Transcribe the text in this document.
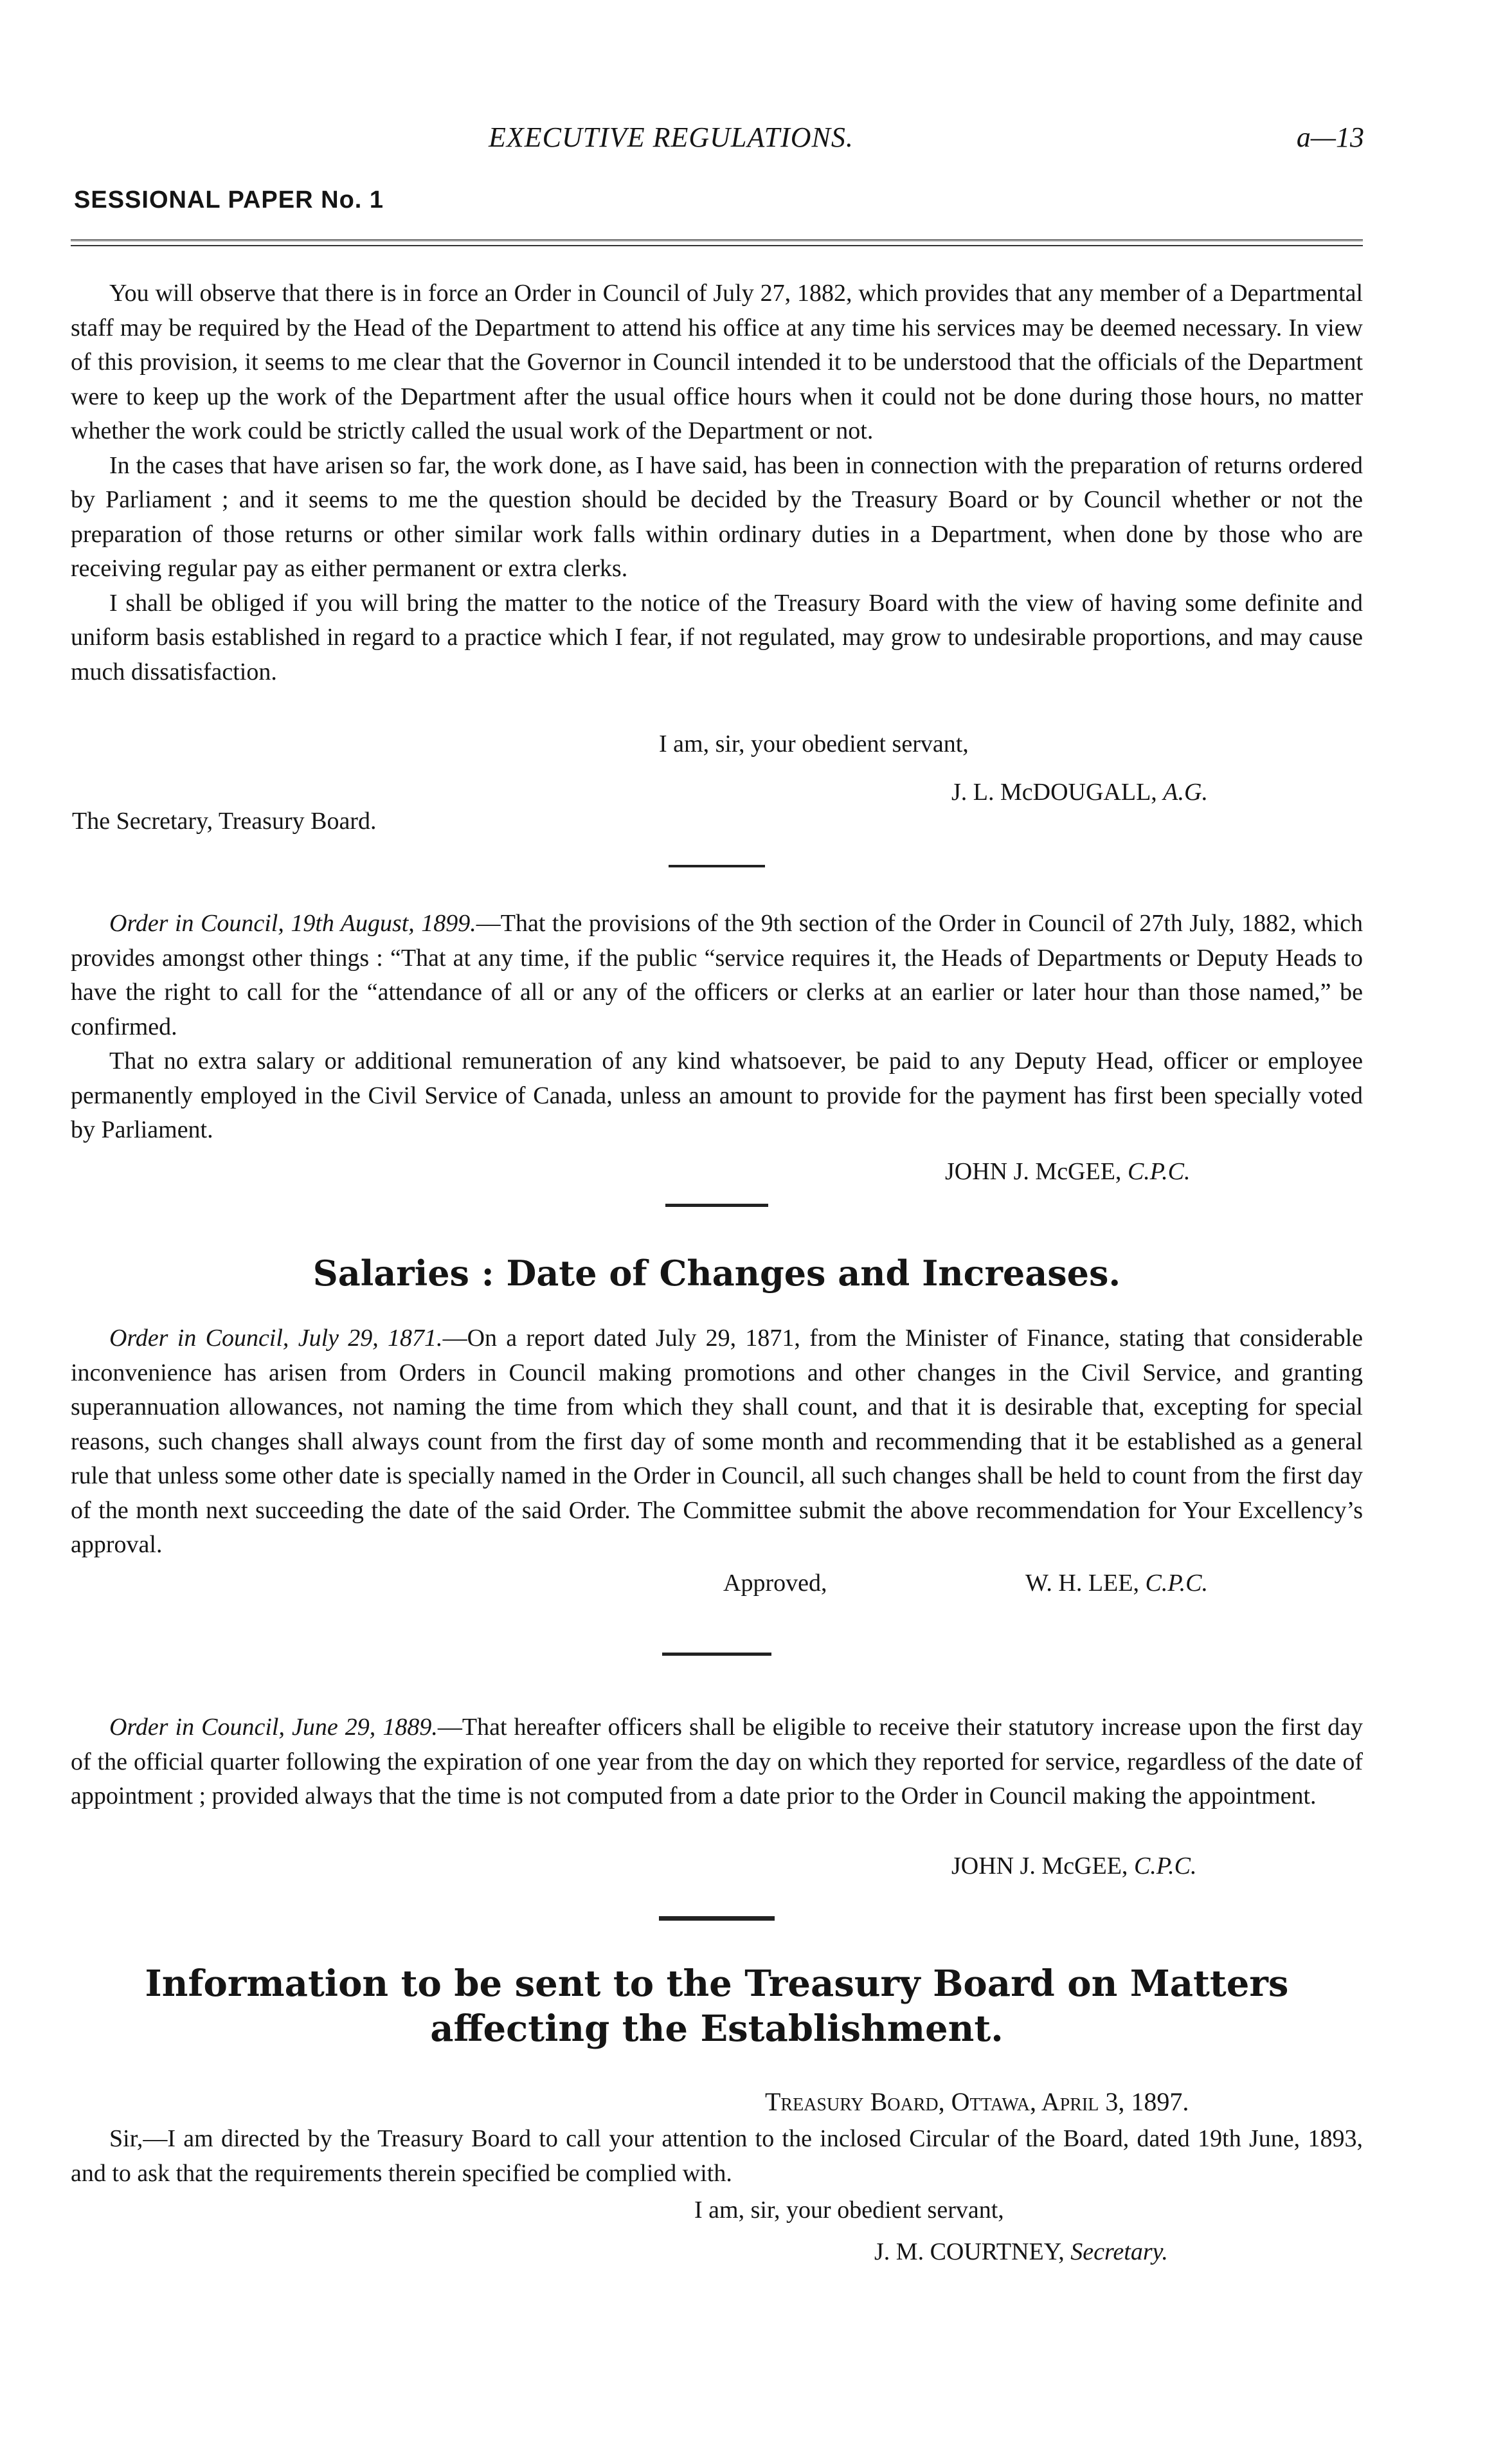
EXECUTIVE REGULATIONS.	a—13
SESSIONAL PAPER No. 1

You will observe that there is in force an Order in Council of July 27, 1882, which provides that any member of a Departmental staff may be required by the Head of the Department to attend his office at any time his services may be deemed necessary. In view of this provision, it seems to me clear that the Governor in Council intended it to be understood that the officials of the Department were to keep up the work of the Department after the usual office hours when it could not be done during those hours, no matter whether the work could be strictly called the usual work of the Department or not.

In the cases that have arisen so far, the work done, as I have said, has been in connection with the preparation of returns ordered by Parliament ; and it seems to me the question should be decided by the Treasury Board or by Council whether or not the preparation of those returns or other similar work falls within ordinary duties in a Department, when done by those who are receiving regular pay as either permanent or extra clerks.

I shall be obliged if you will bring the matter to the notice of the Treasury Board with the view of having some definite and uniform basis established in regard to a practice which I fear, if not regulated, may grow to undesirable proportions, and may cause much dissatisfaction.

I am, sir, your obedient servant,
J. L. McDOUGALL, A.G.
The Secretary, Treasury Board.

Order in Council, 19th August, 1899.—That the provisions of the 9th section of the Order in Council of 27th July, 1882, which provides amongst other things : “That at any time, if the public “service requires it, the Heads of Departments or Deputy Heads to have the right to call for the “attendance of all or any of the officers or clerks at an earlier or later hour than those named,” be confirmed.

That no extra salary or additional remuneration of any kind whatsoever, be paid to any Deputy Head, officer or employee permanently employed in the Civil Service of Canada, unless an amount to provide for the payment has first been specially voted by Parliament.

JOHN J. McGEE, C.P.C.
Salaries : Date of Changes and Increases.

Order in Council, July 29, 1871.—On a report dated July 29, 1871, from the Minister of Finance, stating that considerable inconvenience has arisen from Orders in Council making promotions and other changes in the Civil Service, and granting superannuation allowances, not naming the time from which they shall count, and that it is desirable that, excepting for special reasons, such changes shall always count from the first day of some month and recommending that it be established as a general rule that unless some other date is specially named in the Order in Council, all such changes shall be held to count from the first day of the month next succeeding the date of the said Order. The Committee submit the above recommendation for Your Excellency’s approval.

Approved,	W. H. LEE, C.P.C.

Order in Council, June 29, 1889.—That hereafter officers shall be eligible to receive their statutory increase upon the first day of the official quarter following the expiration of one year from the day on which they reported for service, regardless of the date of appointment ; provided always that the time is not computed from a date prior to the Order in Council making the appointment.

JOHN J. McGEE, C.P.C.
Information to be sent to the Treasury Board on Matters
affecting the Establishment.
Treasury Board, Ottawa, April 3, 1897.

Sir,—I am directed by the Treasury Board to call your attention to the inclosed Circular of the Board, dated 19th June, 1893, and to ask that the requirements therein specified be complied with.

I am, sir, your obedient servant,
J. M. COURTNEY, Secretary.
